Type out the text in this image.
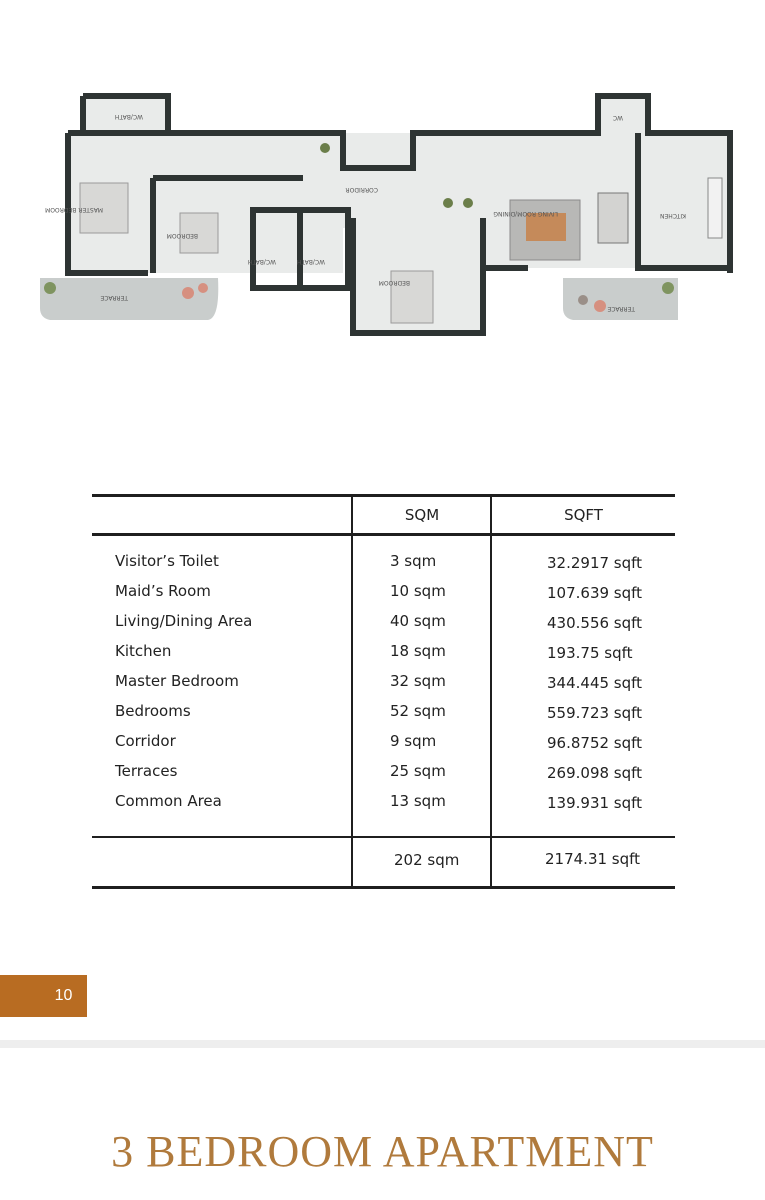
WC/BATH
MASTER BEDROOM
BEDROOM
CORRIDOR
WC/BATH	WC/BATH
BEDROOM
LIVING ROOM/DINING
WC
KITCHEN
TERRACE
TERRACE
SQM	SQFT
Visitor’s Toilet	3 sqm	32.2917 sqft
Maid’s Room	10 sqm	107.639 sqft
Living/Dining Area	40 sqm	430.556 sqft
Kitchen	18 sqm	193.75 sqft
Master Bedroom	32 sqm	344.445 sqft
Bedrooms	52 sqm	559.723 sqft
Corridor	9 sqm	96.8752 sqft
Terraces	25 sqm	269.098 sqft
Common Area	13 sqm	139.931 sqft
202 sqm	2174.31 sqft
10
3 BEDROOM APARTMENT
